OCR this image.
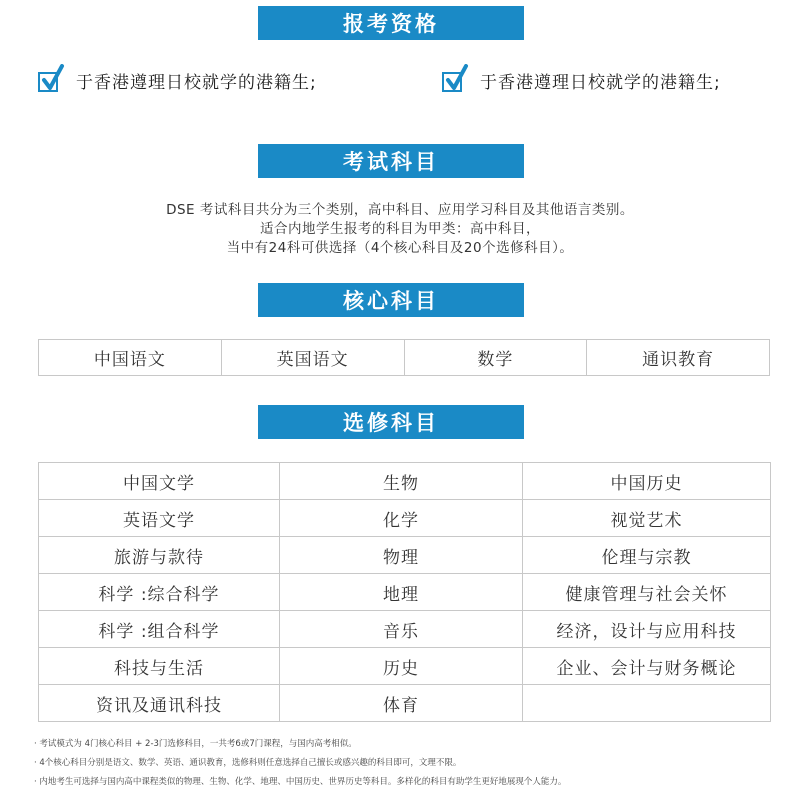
报考资格
于香港遵理日校就学的港籍生;	于香港遵理日校就学的港籍生;
考试科目
DSE 考试科目共分为三个类别，高中科目、应用学习科目及其他语言类别。
适合内地学生报考的科目为甲类：高中科目，
当中有24科可供选择（4个核心科目及20个选修科目）。
核心科目
中国语文	英国语文	数学	通识教育
选修科目
中国文学	生物	中国历史
英语文学	化学	视觉艺术
旅游与款待	物理	伦理与宗教
科学 :综合科学	地理	健康管理与社会关怀
科学 :组合科学	音乐	经济，设计与应用科技
科技与生活	历史	企业、会计与财务概论
资讯及通讯科技	体育	
· 考试模式为 4门核心科目 + 2-3门选修科目，一共考6或7门课程，与国内高考相似。
· 4个核心科目分别是语文、数学、英语、通识教育，选修科则任意选择自己擅长或感兴趣的科目即可，文理不限。
· 内地考生可选择与国内高中课程类似的物理、生物、化学、地理、中国历史、世界历史等科目。多样化的科目有助学生更好地展现个人能力。
